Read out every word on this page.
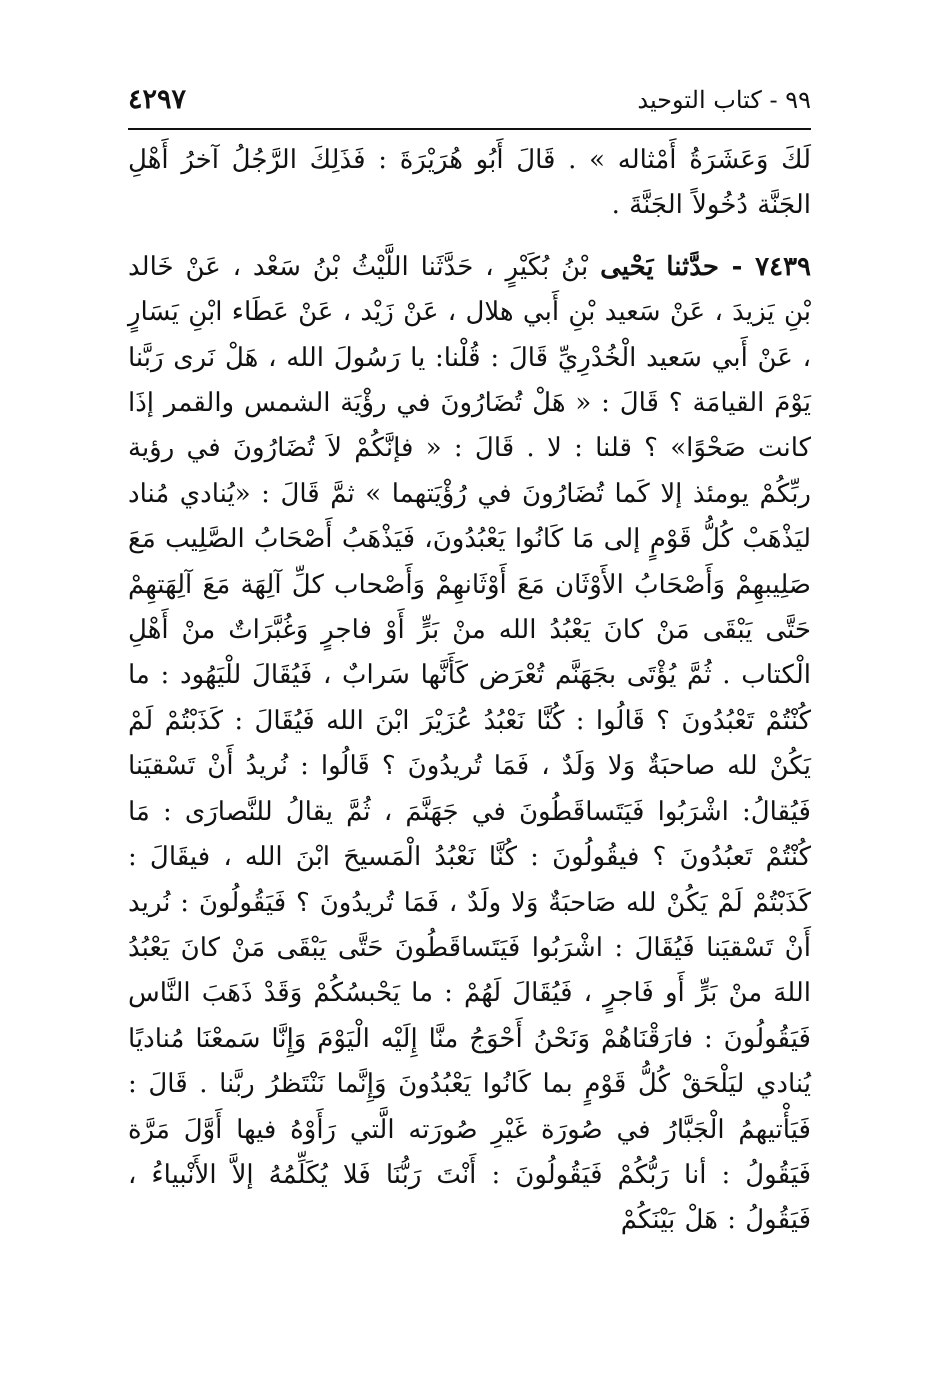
٤٢٩٧	٩٩ - كتاب التوحيد

لَكَ وَعَشَرَةُ أَمْثاله » . قَالَ أَبُو هُرَيْرَةَ : فَذَلِكَ الرَّجُلُ آخرُ أَهْلِ الجَنَّة دُخُولاً الجَنَّةَ .

٧٤٣٩ - حدَّثنا يَحْيى بْنُ بُكَيْرٍ ، حَدَّثَنا اللَّيْثُ بْنُ سَعْد ، عَنْ خَالد بْنِ يَزيدَ ، عَنْ سَعيد بْنِ أَبي هلال ، عَنْ زَيْد ، عَنْ عَطَاء ابْنِ يَسَارٍ ، عَنْ أَبي سَعيد الْخُدْرِيِّ قَالَ : قُلْنا: يا رَسُولَ الله ، هَلْ نَرى رَبَّنا يَوْمَ القيامَة ؟ قَالَ : « هَلْ تُضَارُونَ في رؤْيَة الشمس والقمر إذَا كانت صَحْوًا» ؟ قلنا : لا . قَالَ : « فإنَّكُمْ لاَ تُضَارُونَ في رؤية ربِّكُمْ يومئذ إلا كَما تُضَارُونَ في رُؤْيَتهما » ثمَّ قَالَ : «يُنادي مُناد ليَذْهَبْ كُلُّ قَوْمٍ إلى مَا كَانُوا يَعْبُدُونَ، فَيَذْهَبُ أَصْحَابُ الصَّلِيب مَعَ صَلِيبهِمْ وَأَصْحَابُ الأَوْثَان مَعَ أَوْثَانهِمْ وَأَصْحاب كلِّ آلِهَة مَعَ آلِهَتهِمْ حَتَّى يَبْقَى مَنْ كانَ يَعْبُدُ الله منْ بَرٍّ أَوْ فاجرٍ وَغُبَّرَاتٌ منْ أَهْلِ الْكتاب . ثُمَّ يُؤْتَى بجَهَنَّم تُعْرَض كَأَنَّها سَرابٌ ، فَيُقَالَ للْيَهُود : ما كُنْتُمْ تَعْبُدُونَ ؟ قَالُوا : كُنَّا نَعْبُدُ عُزَيْرَ ابْنَ الله فَيُقَالَ : كَذَبْتُمْ لَمْ يَكُنْ لله صاحبَةٌ وَلا وَلَدٌ ، فَمَا تُريدُونَ ؟ قَالُوا : نُريدُ أَنْ تَسْقيَنا فَيُقالُ: اشْرَبُوا فَيَتَساقَطُونَ في جَهَنَّمَ ، ثُمَّ يقالُ للنَّصارَى : مَا كُنْتُمْ تَعبُدُونَ ؟ فيقُولُونَ : كُنَّا نَعْبُدُ الْمَسيحَ ابْنَ الله ، فيقَالَ : كَذَبْتُمْ لَمْ يَكُنْ لله صَاحبَةٌ وَلا ولَدٌ ، فَمَا تُريدُونَ ؟ فَيَقُولُونَ : نُريد أَنْ تَسْقيَنا فَيُقَالَ : اشْرَبُوا فَيَتَساقَطُونَ حَتَّى يَبْقَى مَنْ كانَ يَعْبُدُ اللهَ منْ بَرٍّ أَو فَاجرٍ ، فَيُقَالَ لَهُمْ : ما يَحْبسُكُمْ وَقَدْ ذَهَبَ النَّاس فَيَقُولُونَ : فارَقْنَاهُمْ وَنَحْنُ أَحْوَجُ منَّا إِلَيْه الْيَوْمَ وَإِنَّا سَمعْنَا مُناديًا يُنادي ليَلْحَقْ كُلُّ قَوْمٍ بما كَانُوا يَعْبُدُونَ وَإِنَّما نَنْتَظرُ ربَّنا . قَالَ : فَيَأْتيهمُ الْجَبَّارُ في صُورَة غَيْرِ صُورَته الَّتي رَأَوْهُ فيها أَوَّلَ مَرَّة فَيَقُولُ : أنا رَبُّكُمْ فَيَقُولُونَ : أَنْتَ رَبُّنَا فَلا يُكَلِّمُهُ إلاَّ الأَنْبياءُ ، فَيَقُولُ : هَلْ بَيْنَكُمْ
